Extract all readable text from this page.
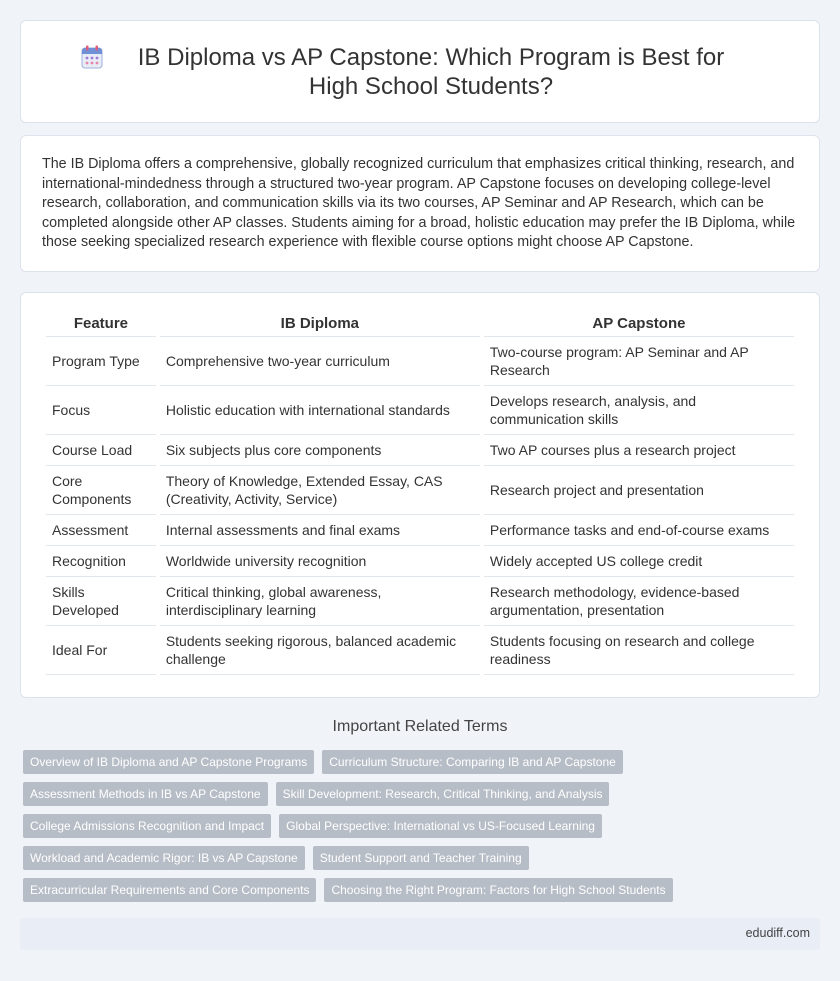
IB Diploma vs AP Capstone: Which Program is Best for High School Students?

The IB Diploma offers a comprehensive, globally recognized curriculum that emphasizes critical thinking, research, and international-mindedness through a structured two-year program. AP Capstone focuses on developing college-level research, collaboration, and communication skills via its two courses, AP Seminar and AP Research, which can be completed alongside other AP classes. Students aiming for a broad, holistic education may prefer the IB Diploma, while those seeking specialized research experience with flexible course options might choose AP Capstone.

Feature	IB Diploma	AP Capstone
Program Type	Comprehensive two-year curriculum	Two-course program: AP Seminar and AP Research
Focus	Holistic education with international standards	Develops research, analysis, and communication skills
Course Load	Six subjects plus core components	Two AP courses plus a research project
Core Components	Theory of Knowledge, Extended Essay, CAS (Creativity, Activity, Service)	Research project and presentation
Assessment	Internal assessments and final exams	Performance tasks and end-of-course exams
Recognition	Worldwide university recognition	Widely accepted US college credit
Skills Developed	Critical thinking, global awareness, interdisciplinary learning	Research methodology, evidence-based argumentation, presentation
Ideal For	Students seeking rigorous, balanced academic challenge	Students focusing on research and college readiness
Important Related Terms
Overview of IB Diploma and AP Capstone Programs	Curriculum Structure: Comparing IB and AP Capstone
Assessment Methods in IB vs AP Capstone	Skill Development: Research, Critical Thinking, and Analysis
College Admissions Recognition and Impact	Global Perspective: International vs US-Focused Learning
Workload and Academic Rigor: IB vs AP Capstone	Student Support and Teacher Training
Extracurricular Requirements and Core Components	Choosing the Right Program: Factors for High School Students
edudiff.com
